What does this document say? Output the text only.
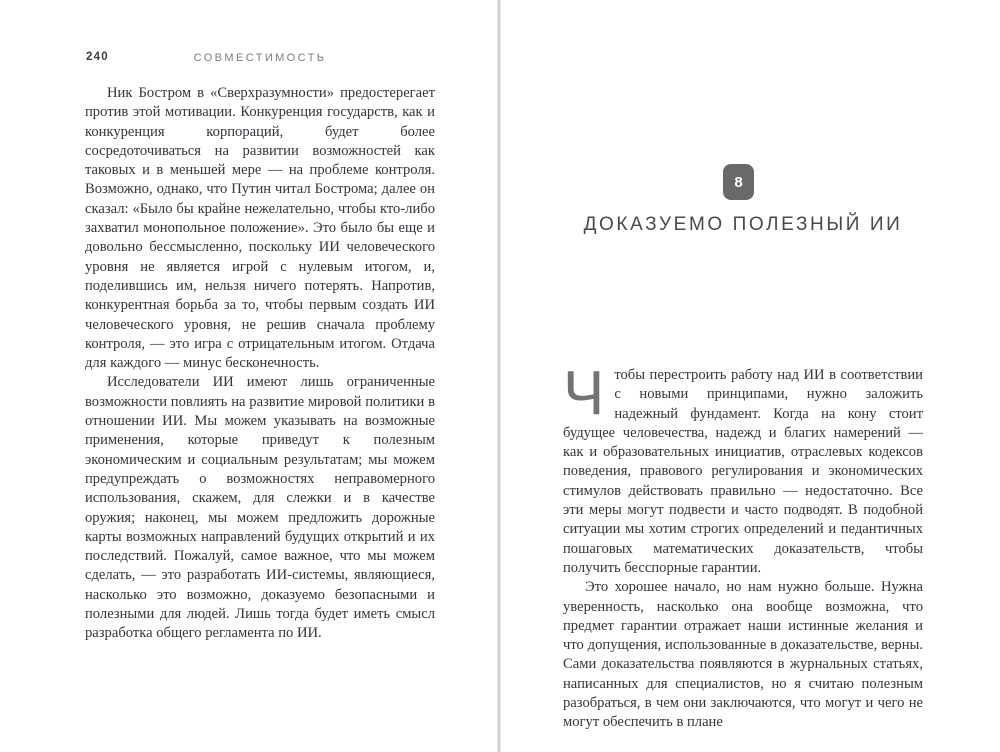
240	СОВМЕСТИМОСТЬ

Ник Бостром в «Сверхразумности» предостерегает против этой мотивации. Конкуренция государств, как и конкуренция корпораций, будет более сосредоточиваться на развитии возможностей как таковых и в меньшей мере — на проблеме контроля. Возможно, однако, что Путин читал Бострома; далее он сказал: «Было бы крайне нежелательно, чтобы кто-либо захватил монопольное положение». Это было бы еще и довольно бессмысленно, поскольку ИИ человеческого уровня не является игрой с нулевым итогом, и, поделившись им, нельзя ничего потерять. Напротив, конкурентная борьба за то, чтобы первым создать ИИ человеческого уровня, не решив сначала проблему контроля, — это игра с отрицательным итогом. Отдача для каждого — минус бесконечность.

Исследователи ИИ имеют лишь ограниченные возможности повлиять на развитие мировой политики в отношении ИИ. Мы можем указывать на возможные применения, которые приведут к полезным экономическим и социальным результатам; мы можем предупреждать о возможностях неправомерного использования, скажем, для слежки и в качестве оружия; наконец, мы можем предложить дорожные карты возможных направлений будущих открытий и их последствий. Пожалуй, самое важное, что мы можем сделать, — это разработать ИИ-системы, являющиеся, насколько это возможно, доказуемо безопасными и полезными для людей. Лишь тогда будет иметь смысл разработка общего регламента по ИИ.

8
ДОКАЗУЕМО ПОЛЕЗНЫЙ ИИ

Чтобы перестроить работу над ИИ в соответствии с новыми принципами, нужно заложить надежный фундамент. Когда на кону стоит будущее человечества, надежд и благих намерений — как и образовательных инициатив, отраслевых кодексов поведения, правового регулирования и экономических стимулов действовать правильно — недостаточно. Все эти меры могут подвести и часто подводят. В подобной ситуации мы хотим строгих определений и педантичных пошаговых математических доказательств, чтобы получить бесспорные гарантии.

Это хорошее начало, но нам нужно больше. Нужна уверенность, насколько она вообще возможна, что предмет гарантии отражает наши истинные желания и что допущения, использованные в доказательстве, верны. Сами доказательства появляются в журнальных статьях, написанных для специалистов, но я считаю полезным разобраться, в чем они заключаются, что могут и чего не могут обеспечить в плане
